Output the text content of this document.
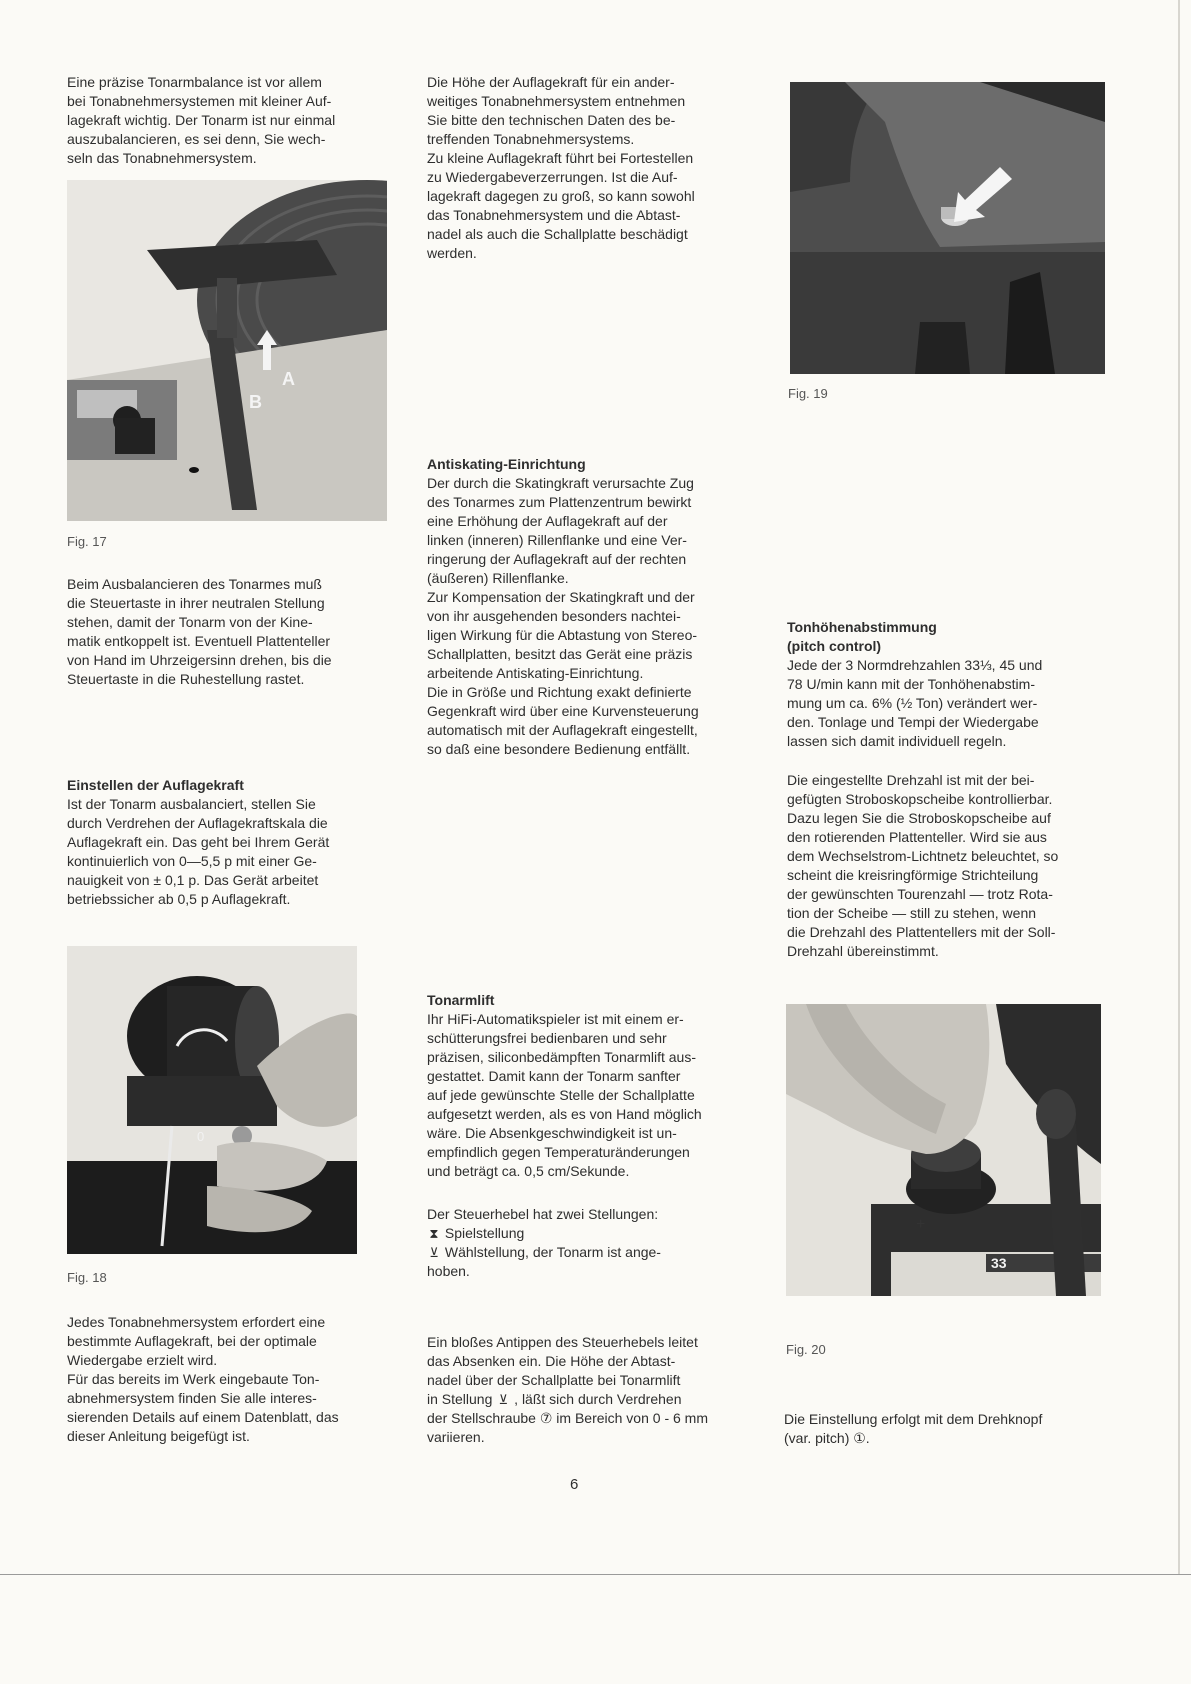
Eine präzise Tonarmbalance ist vor allem
bei Tonabnehmersystemen mit kleiner Auf-
lagekraft wichtig. Der Tonarm ist nur einmal
auszubalancieren, es sei denn, Sie wech-
seln das Tonabnehmersystem.

A
B
Fig. 17

Beim Ausbalancieren des Tonarmes muß
die Steuertaste in ihrer neutralen Stellung
stehen, damit der Tonarm von der Kine-
matik entkoppelt ist. Eventuell Plattenteller
von Hand im Uhrzeigersinn drehen, bis die
Steuertaste in die Ruhestellung rastet.

Einstellen der Auflagekraft

Ist der Tonarm ausbalanciert, stellen Sie
durch Verdrehen der Auflagekraftskala die
Auflagekraft ein. Das geht bei Ihrem Gerät
kontinuierlich von 0—5,5 p mit einer Ge-
nauigkeit von ± 0,1 p. Das Gerät arbeitet
betriebssicher ab 0,5 p Auflagekraft.

0
Fig. 18

Jedes Tonabnehmersystem erfordert eine
bestimmte Auflagekraft, bei der optimale
Wiedergabe erzielt wird.
Für das bereits im Werk eingebaute Ton-
abnehmersystem finden Sie alle interes-
sierenden Details auf einem Datenblatt, das
dieser Anleitung beigefügt ist.

Die Höhe der Auflagekraft für ein ander-
weitiges Tonabnehmersystem entnehmen
Sie bitte den technischen Daten des be-
treffenden Tonabnehmersystems.
Zu kleine Auflagekraft führt bei Fortestellen
zu Wiedergabeverzerrungen. Ist die Auf-
lagekraft dagegen zu groß, so kann sowohl
das Tonabnehmersystem und die Abtast-
nadel als auch die Schallplatte beschädigt
werden.

Antiskating-Einrichtung

Der durch die Skatingkraft verursachte Zug
des Tonarmes zum Plattenzentrum bewirkt
eine Erhöhung der Auflagekraft auf der
linken (inneren) Rillenflanke und eine Ver-
ringerung der Auflagekraft auf der rechten
(äußeren) Rillenflanke.
Zur Kompensation der Skatingkraft und der
von ihr ausgehenden besonders nachtei-
ligen Wirkung für die Abtastung von Stereo-
Schallplatten, besitzt das Gerät eine präzis
arbeitende Antiskating-Einrichtung.
Die in Größe und Richtung exakt definierte
Gegenkraft wird über eine Kurvensteuerung
automatisch mit der Auflagekraft eingestellt,
so daß eine besondere Bedienung entfällt.

Tonarmlift

Ihr HiFi-Automatikspieler ist mit einem er-
schütterungsfrei bedienbaren und sehr
präzisen, siliconbedämpften Tonarmlift aus-
gestattet. Damit kann der Tonarm sanfter
auf jede gewünschte Stelle der Schallplatte
aufgesetzt werden, als es von Hand möglich
wäre. Die Absenkgeschwindigkeit ist un-
empfindlich gegen Temperaturänderungen
und beträgt ca. 0,5 cm/Sekunde.

Der Steuerhebel hat zwei Stellungen:

⧗ Spielstellung
⊻ Wählstellung, der Tonarm ist ange-
hoben.

Ein bloßes Antippen des Steuerhebels leitet
das Absenken ein. Die Höhe der Abtast-
nadel über der Schallplatte bei Tonarmlift

in Stellung ⊻ , läßt sich durch Verdrehen

der Stellschraube ⑦ im Bereich von 0 - 6 mm
variieren.

6
Fig. 19

Tonhöhenabstimmung
(pitch control)

Jede der 3 Normdrehzahlen 33⅓, 45 und
78 U/min kann mit der Tonhöhenabstim-
mung um ca. 6% (½ Ton) verändert wer-
den. Tonlage und Tempi der Wiedergabe
lassen sich damit individuell regeln.

Die eingestellte Drehzahl ist mit der bei-
gefügten Stroboskopscheibe kontrollierbar.
Dazu legen Sie die Stroboskopscheibe auf
den rotierenden Plattenteller. Wird sie aus
dem Wechselstrom-Lichtnetz beleuchtet, so
scheint die kreisringförmige Strichteilung
der gewünschten Tourenzahl — trotz Rota-
tion der Scheibe — still zu stehen, wenn
die Drehzahl des Plattentellers mit der Soll-
Drehzahl übereinstimmt.

33
+
Fig. 20

Die Einstellung erfolgt mit dem Drehknopf
(var. pitch) ①.
